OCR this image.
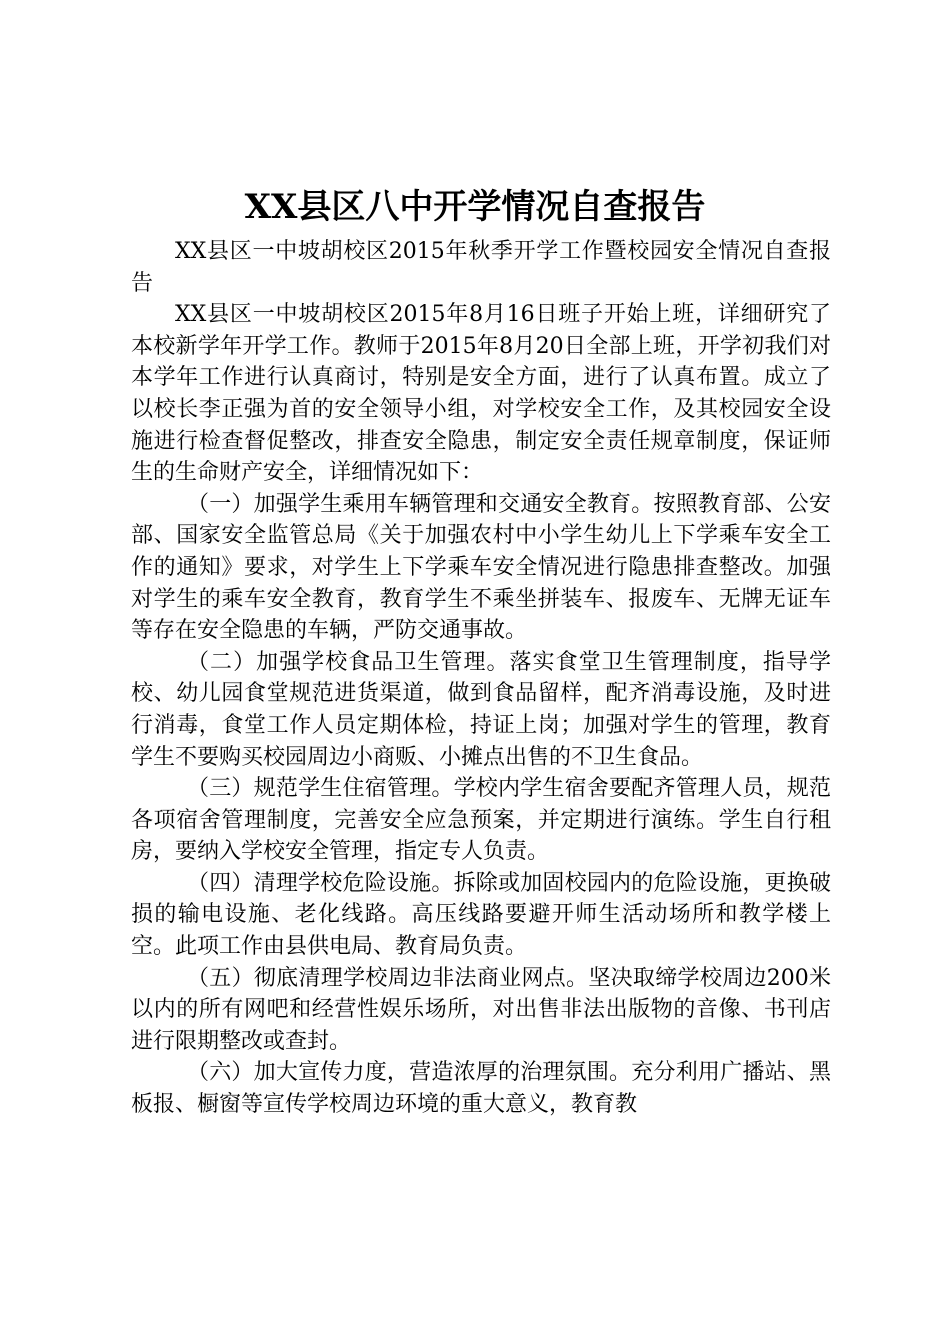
XX县区八中开学情况自查报告

XX县区一中坡胡校区2015年秋季开学工作暨校园安全情况自查报告

XX县区一中坡胡校区2015年8月16日班子开始上班，详细研究了本校新学年开学工作。教师于2015年8月20日全部上班，开学初我们对本学年工作进行认真商讨，特别是安全方面，进行了认真布置。成立了以校长李正强为首的安全领导小组，对学校安全工作，及其校园安全设施进行检查督促整改，排查安全隐患，制定安全责任规章制度，保证师生的生命财产安全，详细情况如下：

（一）加强学生乘用车辆管理和交通安全教育。按照教育部、公安部、国家安全监管总局《关于加强农村中小学生幼儿上下学乘车安全工作的通知》要求，对学生上下学乘车安全情况进行隐患排查整改。加强对学生的乘车安全教育，教育学生不乘坐拼装车、报废车、无牌无证车等存在安全隐患的车辆，严防交通事故。

（二）加强学校食品卫生管理。落实食堂卫生管理制度，指导学校、幼儿园食堂规范进货渠道，做到食品留样，配齐消毒设施，及时进行消毒，食堂工作人员定期体检，持证上岗；加强对学生的管理，教育学生不要购买校园周边小商贩、小摊点出售的不卫生食品。

（三）规范学生住宿管理。学校内学生宿舍要配齐管理人员，规范各项宿舍管理制度，完善安全应急预案，并定期进行演练。学生自行租房，要纳入学校安全管理，指定专人负责。

（四）清理学校危险设施。拆除或加固校园内的危险设施，更换破损的输电设施、老化线路。高压线路要避开师生活动场所和教学楼上空。此项工作由县供电局、教育局负责。

（五）彻底清理学校周边非法商业网点。坚决取缔学校周边200米以内的所有网吧和经营性娱乐场所，对出售非法出版物的音像、书刊店进行限期整改或查封。

（六）加大宣传力度，营造浓厚的治理氛围。充分利用广播站、黑板报、橱窗等宣传学校周边环境的重大意义，教育教
